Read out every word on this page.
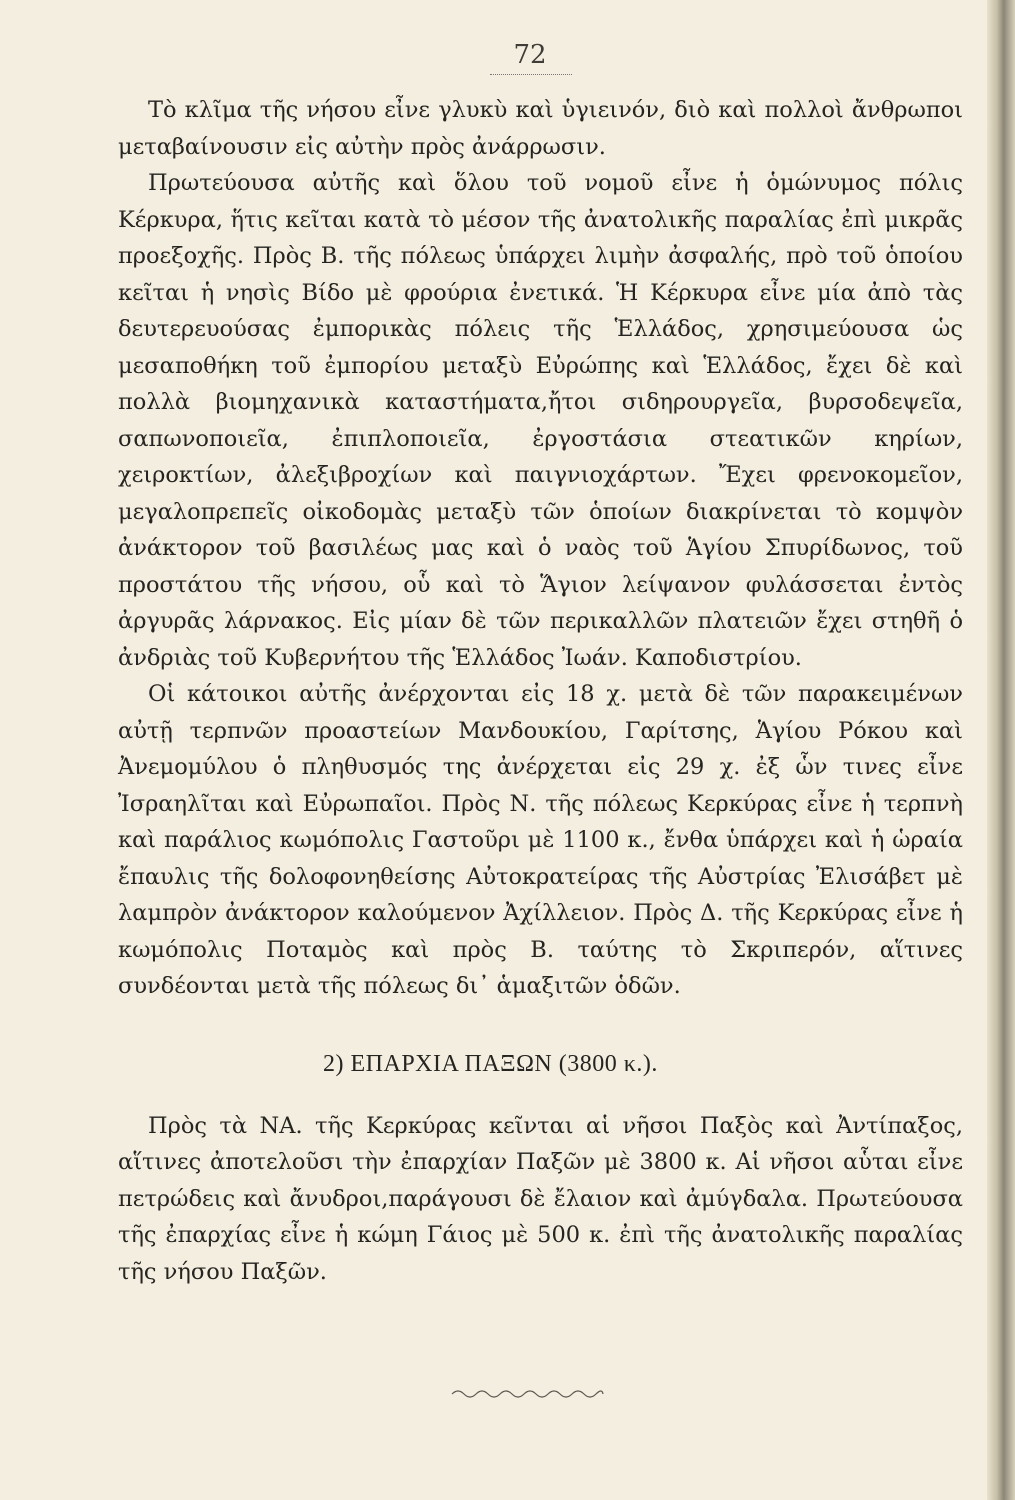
72

Τὸ κλῖμα τῆς νήσου εἶνε γλυκὺ καὶ ὑγιεινόν, διὸ καὶ πολλοὶ ἄνθρωποι μεταβαίνουσιν εἰς αὐτὴν πρὸς ἀνάρρωσιν.

Πρωτεύουσα αὐτῆς καὶ ὅλου τοῦ νομοῦ εἶνε ἡ ὁμώνυμος πόλις Κέρκυρα, ἥτις κεῖται κατὰ τὸ μέσον τῆς ἀνατολικῆς παραλίας ἐπὶ μικρᾶς προεξοχῆς. Πρὸς Β. τῆς πόλεως ὑπάρχει λιμὴν ἀσφαλής, πρὸ τοῦ ὁποίου κεῖται ἡ νησὶς Βίδο μὲ φρούρια ἐνετικά. Ἡ Κέρκυρα εἶνε μία ἀπὸ τὰς δευτερευούσας ἐμπορικὰς πόλεις τῆς Ἑλλάδος, χρησιμεύουσα ὡς μεσαποθήκη τοῦ ἐμπορίου μεταξὺ Εὐρώπης καὶ Ἑλλάδος, ἔχει δὲ καὶ πολλὰ βιομηχανικὰ καταστήματα,ἤτοι σιδηρουργεῖα, βυρσοδεψεῖα, σαπωνοποιεῖα, ἐπιπλοποιεῖα, ἐργοστάσια στεατικῶν κηρίων, χειροκτίων, ἀλεξιβροχίων καὶ παιγνιοχάρτων. Ἔχει φρενοκομεῖον, μεγαλοπρεπεῖς οἰκοδομὰς μεταξὺ τῶν ὁποίων διακρίνεται τὸ κομψὸν ἀνάκτορον τοῦ βασιλέως μας καὶ ὁ ναὸς τοῦ Ἁγίου Σπυρίδωνος, τοῦ προστάτου τῆς νήσου, οὗ καὶ τὸ Ἅγιον λείψανον φυλάσσεται ἐντὸς ἀργυρᾶς λάρνακος. Εἰς μίαν δὲ τῶν περικαλλῶν πλατειῶν ἔχει στηθῆ ὁ ἀνδριὰς τοῦ Κυβερνήτου τῆς Ἑλλάδος Ἰωάν. Καποδιστρίου.

Οἱ κάτοικοι αὐτῆς ἀνέρχονται εἰς 18 χ. μετὰ δὲ τῶν παρακειμένων αὐτῇ τερπνῶν προαστείων Μανδουκίου, Γαρίτσης, Ἁγίου Ρόκου καὶ Ἀνεμομύλου ὁ πληθυσμός της ἀνέρχεται εἰς 29 χ. ἐξ ὧν τινες εἶνε Ἰσραηλῖται καὶ Εὐρωπαῖοι. Πρὸς Ν. τῆς πόλεως Κερκύρας εἶνε ἡ τερπνὴ καὶ παράλιος κωμόπολις Γαστοῦρι μὲ 1100 κ., ἔνθα ὑπάρχει καὶ ἡ ὡραία ἔπαυλις τῆς δολοφονηθείσης Αὐτοκρατείρας τῆς Αὐστρίας Ἐλισάβετ μὲ λαμπρὸν ἀνάκτορον καλούμενον Ἀχίλλειον. Πρὸς Δ. τῆς Κερκύρας εἶνε ἡ κωμόπολις Ποταμὸς καὶ πρὸς Β. ταύτης τὸ Σκριπερόν, αἵτινες συνδέονται μετὰ τῆς πόλεως δι᾿ ἁμαξιτῶν ὁδῶν.

2) ΕΠΑΡΧΙΑ ΠΑΞΩΝ (3800 κ.).

Πρὸς τὰ ΝΑ. τῆς Κερκύρας κεῖνται αἱ νῆσοι Παξὸς καὶ Ἀντίπαξος, αἵτινες ἀποτελοῦσι τὴν ἐπαρχίαν Παξῶν μὲ 3800 κ. Αἱ νῆσοι αὗται εἶνε πετρώδεις καὶ ἄνυδροι,παράγουσι δὲ ἔλαιον καὶ ἀμύγδαλα. Πρωτεύουσα τῆς ἐπαρχίας εἶνε ἡ κώμη Γάιος μὲ 500 κ. ἐπὶ τῆς ἀνατολικῆς παραλίας τῆς νήσου Παξῶν.
